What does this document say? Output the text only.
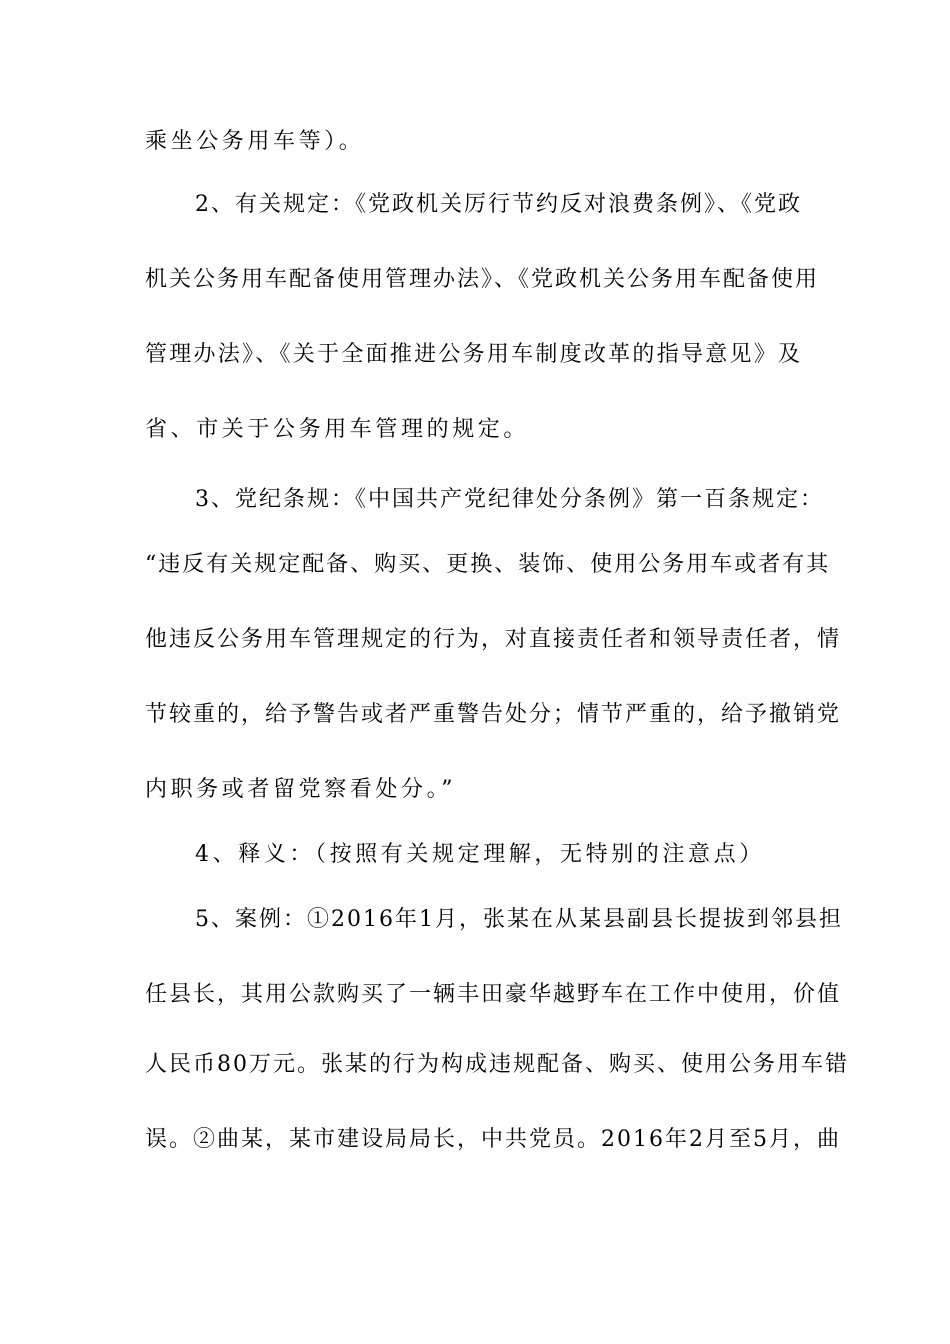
乘坐公务用车等）。
2、有关规定：《党政机关厉行节约反对浪费条例》、《党政
机关公务用车配备使用管理办法》、《党政机关公务用车配备使用
管理办法》、《关于全面推进公务用车制度改革的指导意见》及
省、市关于公务用车管理的规定。
3、党纪条规：《中国共产党纪律处分条例》第一百条规定：
“违反有关规定配备、购买、更换、装饰、使用公务用车或者有其
他违反公务用车管理规定的行为，对直接责任者和领导责任者，情
节较重的，给予警告或者严重警告处分；情节严重的，给予撤销党
内职务或者留党察看处分。”
4、释义：（按照有关规定理解，无特别的注意点）
5、案例：①2016年1月，张某在从某县副县长提拔到邻县担
任县长，其用公款购买了一辆丰田豪华越野车在工作中使用，价值
人民币80万元。张某的行为构成违规配备、购买、使用公务用车错
误。②曲某，某市建设局局长，中共党员。2016年2月至5月，曲
